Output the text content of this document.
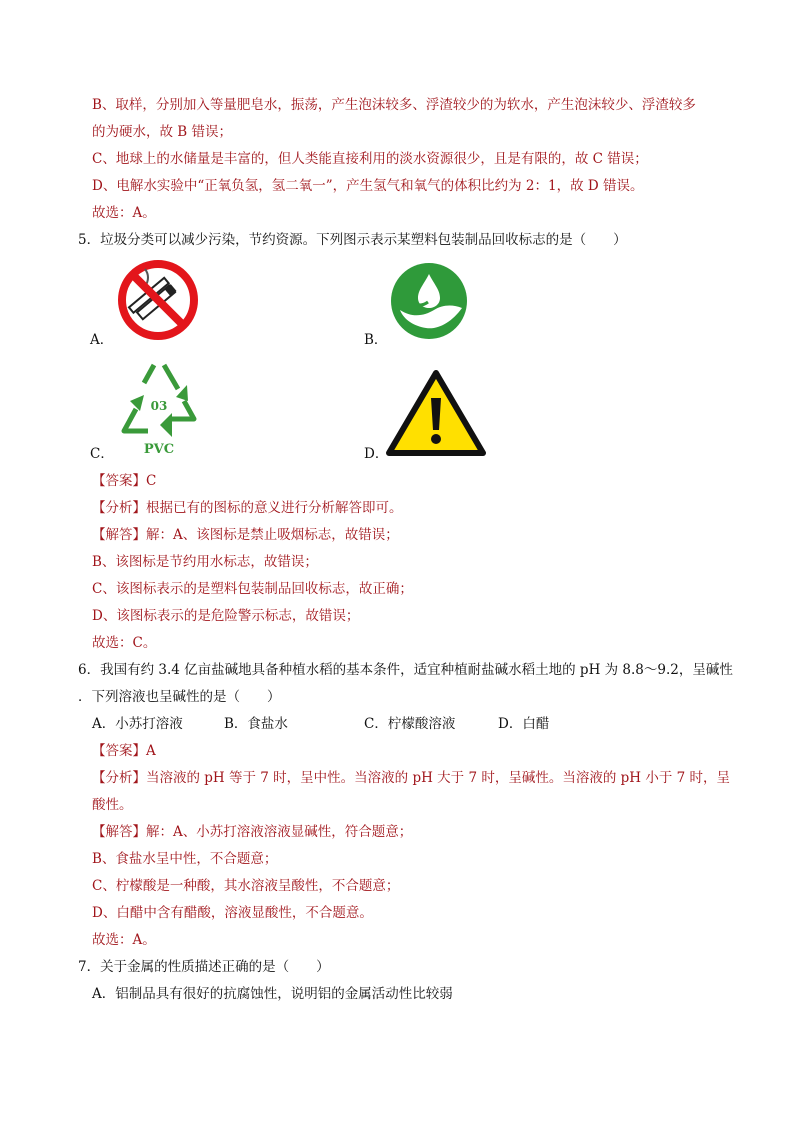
B、取样，分别加入等量肥皂水，振荡，产生泡沫较多、浮渣较少的为软水，产生泡沫较少、浮渣较多
的为硬水，故 B 错误；
C、地球上的水储量是丰富的，但人类能直接利用的淡水资源很少，且是有限的，故 C 错误；
D、电解水实验中“正氧负氢，氢二氧一”，产生氢气和氧气的体积比约为 2：1，故 D 错误。
故选：A。
5．垃圾分类可以减少污染，节约资源。下列图示表示某塑料包装制品回收标志的是（　　）
A．	B．
03
PVC
C．	D．
【答案】C
【分析】根据已有的图标的意义进行分析解答即可。
【解答】解：A、该图标是禁止吸烟标志，故错误；
B、该图标是节约用水标志，故错误；
C、该图标表示的是塑料包装制品回收标志，故正确；
D、该图标表示的是危险警示标志，故错误；
故选：C。
6．我国有约 3.4 亿亩盐碱地具备种植水稻的基本条件，适宜种植耐盐碱水稻土地的 pH 为 8.8～9.2，呈碱性
．下列溶液也呈碱性的是（　　）
A．小苏打溶液	B．食盐水	C．柠檬酸溶液	D．白醋
【答案】A
【分析】当溶液的 pH 等于 7 时，呈中性。当溶液的 pH 大于 7 时，呈碱性。当溶液的 pH 小于 7 时，呈
酸性。
【解答】解：A、小苏打溶液溶液显碱性，符合题意；
B、食盐水呈中性，不合题意；
C、柠檬酸是一种酸，其水溶液呈酸性，不合题意；
D、白醋中含有醋酸，溶液显酸性，不合题意。
故选：A。
7．关于金属的性质描述正确的是（　　）
A．铝制品具有很好的抗腐蚀性，说明铝的金属活动性比较弱
